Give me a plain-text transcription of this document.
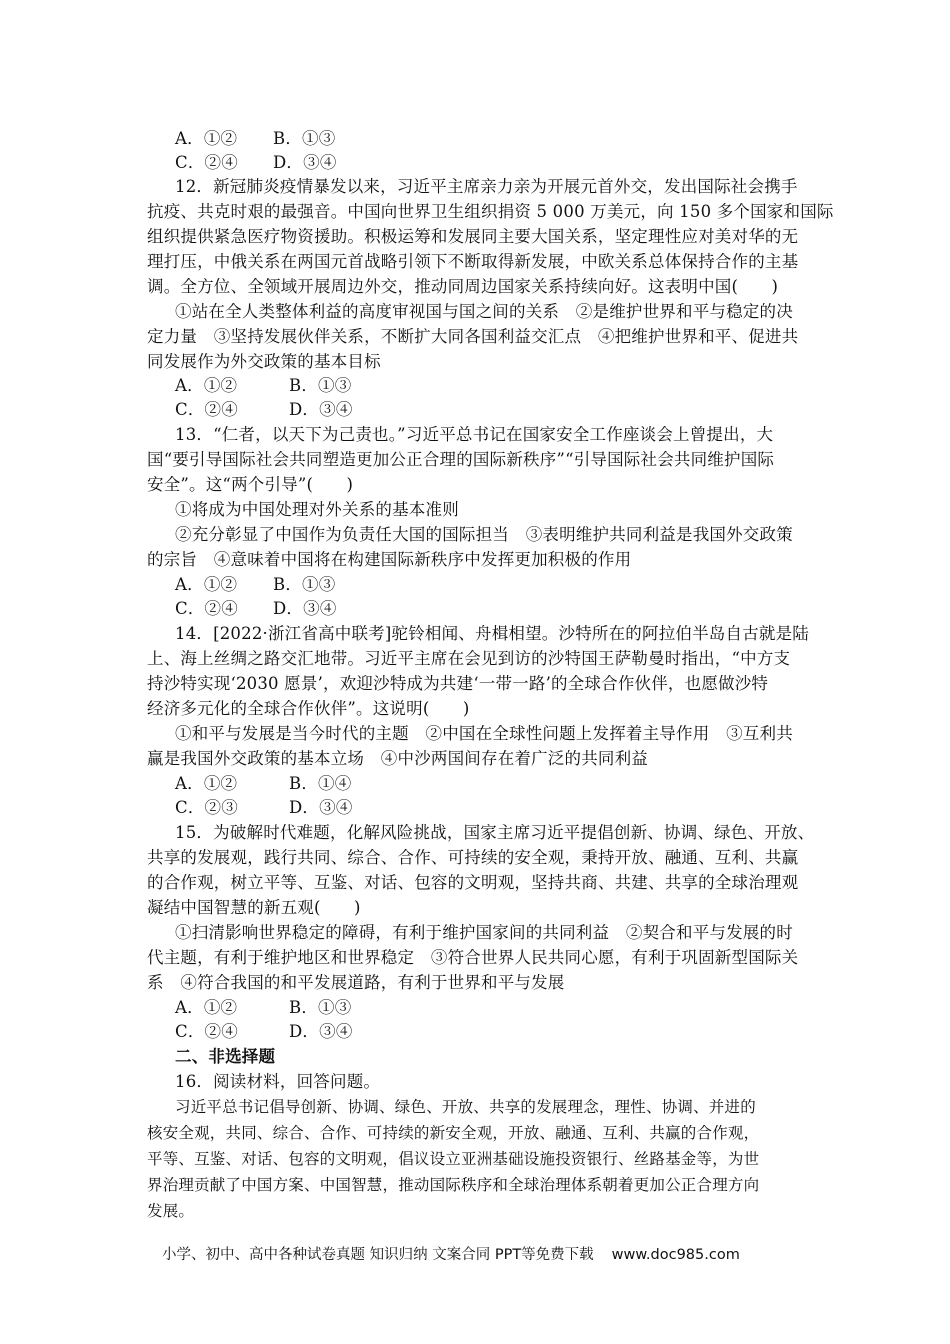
A．①② B．①③
C．②④ D．③④
12．新冠肺炎疫情暴发以来，习近平主席亲力亲为开展元首外交，发出国际社会携手
抗疫、共克时艰的最强音。中国向世界卫生组织捐资 5 000 万美元，向 150 多个国家和国际
组织提供紧急医疗物资援助。积极运筹和发展同主要大国关系，坚定理性应对美对华的无
理打压，中俄关系在两国元首战略引领下不断取得新发展，中欧关系总体保持合作的主基
调。全方位、全领域开展周边外交，推动同周边国家关系持续向好。这表明中国(　　)
①站在全人类整体利益的高度审视国与国之间的关系　②是维护世界和平与稳定的决
定力量　③坚持发展伙伴关系，不断扩大同各国利益交汇点　④把维护世界和平、促进共
同发展作为外交政策的基本目标
A．①②	B．①③
C．②④	D．③④
13．“仁者，以天下为己责也。”习近平总书记在国家安全工作座谈会上曾提出，大
国“要引导国际社会共同塑造更加公正合理的国际新秩序”“引导国际社会共同维护国际
安全”。这“两个引导”(　　)
①将成为中国处理对外关系的基本准则
②充分彰显了中国作为负责任大国的国际担当　③表明维护共同利益是我国外交政策
的宗旨　④意味着中国将在构建国际新秩序中发挥更加积极的作用
A．①② B．①③
C．②④ D．③④
14．[2022·浙江省高中联考]驼铃相闻、舟楫相望。沙特所在的阿拉伯半岛自古就是陆
上、海上丝绸之路交汇地带。习近平主席在会见到访的沙特国王萨勒曼时指出，“中方支
持沙特实现‘2030 愿景’，欢迎沙特成为共建‘一带一路’的全球合作伙伴，也愿做沙特
经济多元化的全球合作伙伴”。这说明(　　)
①和平与发展是当今时代的主题　②中国在全球性问题上发挥着主导作用　③互利共
赢是我国外交政策的基本立场　④中沙两国间存在着广泛的共同利益
A．①②	B．①④
C．②③	D．③④
15．为破解时代难题，化解风险挑战，国家主席习近平提倡创新、协调、绿色、开放、
共享的发展观，践行共同、综合、合作、可持续的安全观，秉持开放、融通、互利、共赢
的合作观，树立平等、互鉴、对话、包容的文明观，坚持共商、共建、共享的全球治理观
凝结中国智慧的新五观(　　)
①扫清影响世界稳定的障碍，有利于维护国家间的共同利益　②契合和平与发展的时
代主题，有利于维护地区和世界稳定　③符合世界人民共同心愿，有利于巩固新型国际关
系　④符合我国的和平发展道路，有利于世界和平与发展
A．①②	B．①③
C．②④	D．③④
二、非选择题
16．阅读材料，回答问题。
习近平总书记倡导创新、协调、绿色、开放、共享的发展理念，理性、协调、并进的
核安全观，共同、综合、合作、可持续的新安全观，开放、融通、互利、共赢的合作观，
平等、互鉴、对话、包容的文明观，倡议设立亚洲基础设施投资银行、丝路基金等，为世
界治理贡献了中国方案、中国智慧，推动国际秩序和全球治理体系朝着更加公正合理方向
发展。
小学、初中、高中各种试卷真题 知识归纳 文案合同 PPT等免费下载 www.doc985.com
